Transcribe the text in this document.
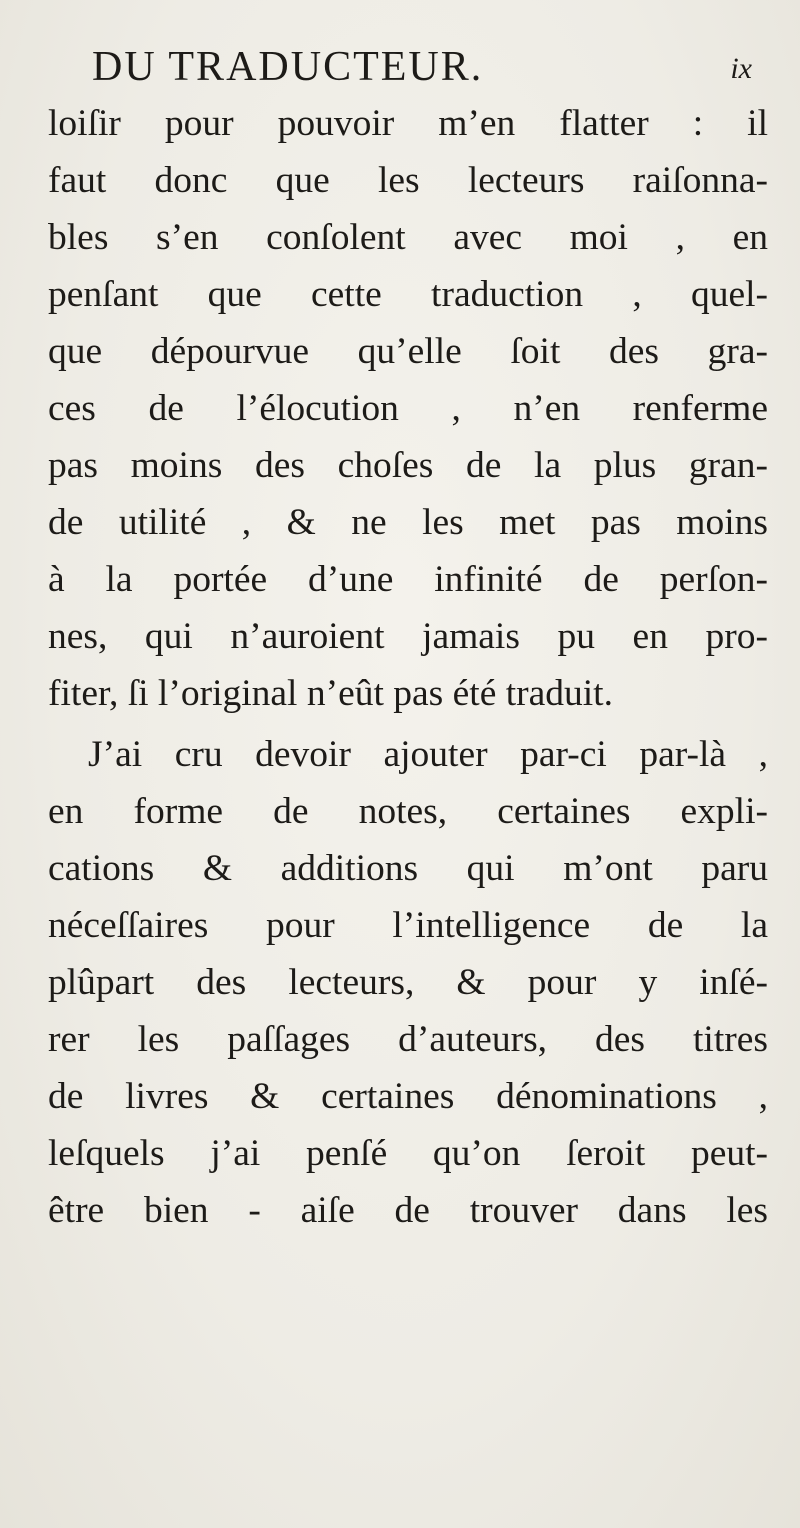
DU TRADUCTEUR.	ix
loiſir pour pouvoir m’en flatter : il
faut donc que les lecteurs raiſonna-
bles s’en conſolent avec moi , en
penſant que cette traduction , quel-
que dépourvue qu’elle ſoit des gra-
ces de l’élocution , n’en renferme
pas moins des choſes de la plus gran-
de utilité , & ne les met pas moins
à la portée d’une infinité de perſon-
nes, qui n’auroient jamais pu en pro-
fiter, ſi l’original n’eût pas été traduit.
J’ai cru devoir ajouter par-ci par-là ,
en forme de notes, certaines expli-
cations & additions qui m’ont paru
néceſſaires pour l’intelligence de la
plûpart des lecteurs, & pour y inſé-
rer les paſſages d’auteurs, des titres
de livres & certaines dénominations ,
leſquels j’ai penſé qu’on ſeroit peut-
être bien - aiſe de trouver dans les
